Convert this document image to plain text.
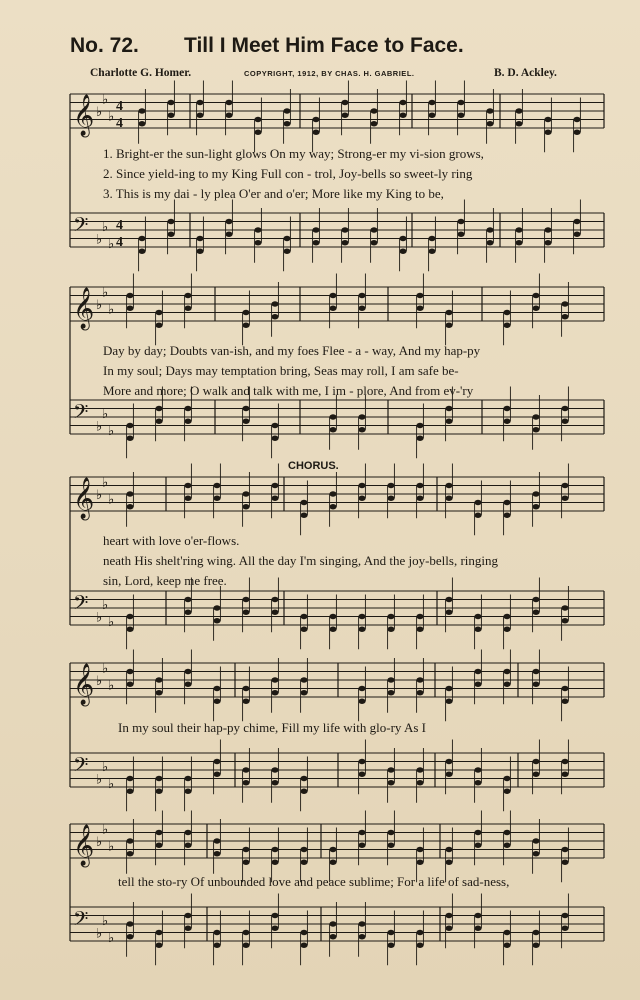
No. 72. Till I Meet Him Face to Face.
Charlotte G. Homer.	COPYRIGHT, 1912, BY CHAS. H. GABRIEL.	B. D. Ackley.
𝄞 ♭
♭
♭
4
4
𝄢 ♭
♭
♭
4
4
𝄞 ♭
♭
♭
𝄢 ♭
♭
♭
𝄞 ♭
♭
♭
𝄢 ♭
♭
♭
𝄞 ♭
♭
♭
𝄢 ♭
♭
♭
𝄞 ♭
♭
♭
𝄢 ♭
♭
♭
1. Bright-er the sun-light glows On my way; Strong-er my vi-sion grows,
2. Since yield-ing to my King Full con - trol, Joy-bells so sweet-ly ring
3. This is my dai - ly plea O'er and o'er; More like my King to be,
Day by day; Doubts van-ish, and my foes Flee - a - way, And my hap-py
In my soul; Days may temptation bring, Seas may roll, I am safe be-
More and more; O walk and talk with me, I im - plore, And from ev-'ry
CHORUS.
heart with love o'er-flows.
neath His shelt'ring wing. All the day I'm singing, And the joy-bells, ringing
sin, Lord, keep me free.
In my soul their hap-py chime, Fill my life with glo-ry As I
tell the sto-ry Of unbounded love and peace sublime; For a life of sad-ness,
